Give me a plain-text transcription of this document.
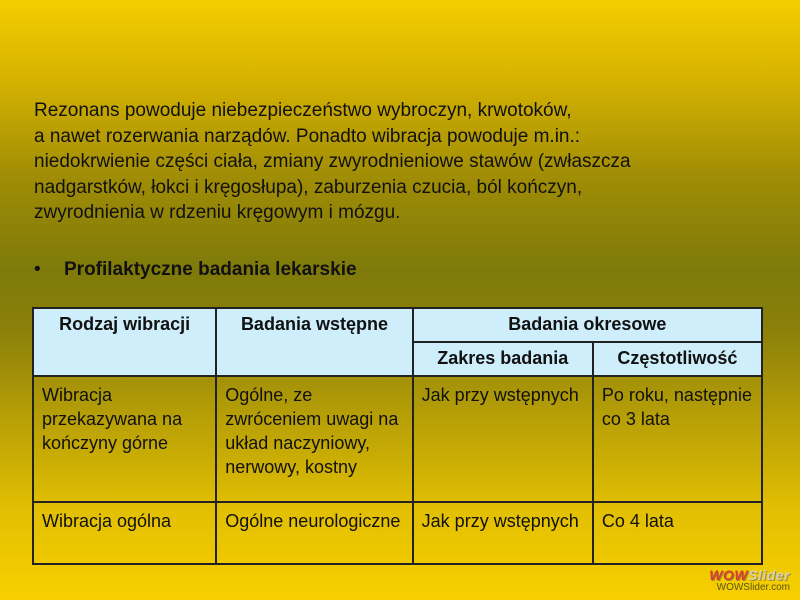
Rezonans powoduje niebezpieczeństwo wybroczyn, krwotoków,
a nawet rozerwania narządów. Ponadto wibracja powoduje m.in.:
niedokrwienie części ciała, zmiany zwyrodnieniowe stawów (zwłaszcza
nadgarstków, łokci i kręgosłupa), zaburzenia czucia, ból kończyn,
zwyrodnienia w rdzeniu kręgowym i mózgu.

• Profilaktyczne badania lekarskie
Rodzaj wibracji	Badania wstępne	Badania okresowe	
		Zakres badania	Częstotliwość
Wibracja przekazywana na kończyny górne	Ogólne, ze zwróceniem uwagi na układ naczyniowy, nerwowy, kostny	Jak przy wstępnych	Po roku, następnie co 3 lata
Wibracja ogólna	Ogólne neurologiczne	Jak przy wstępnych	Co 4 lata
WOWSlider
WOWSlider.com
